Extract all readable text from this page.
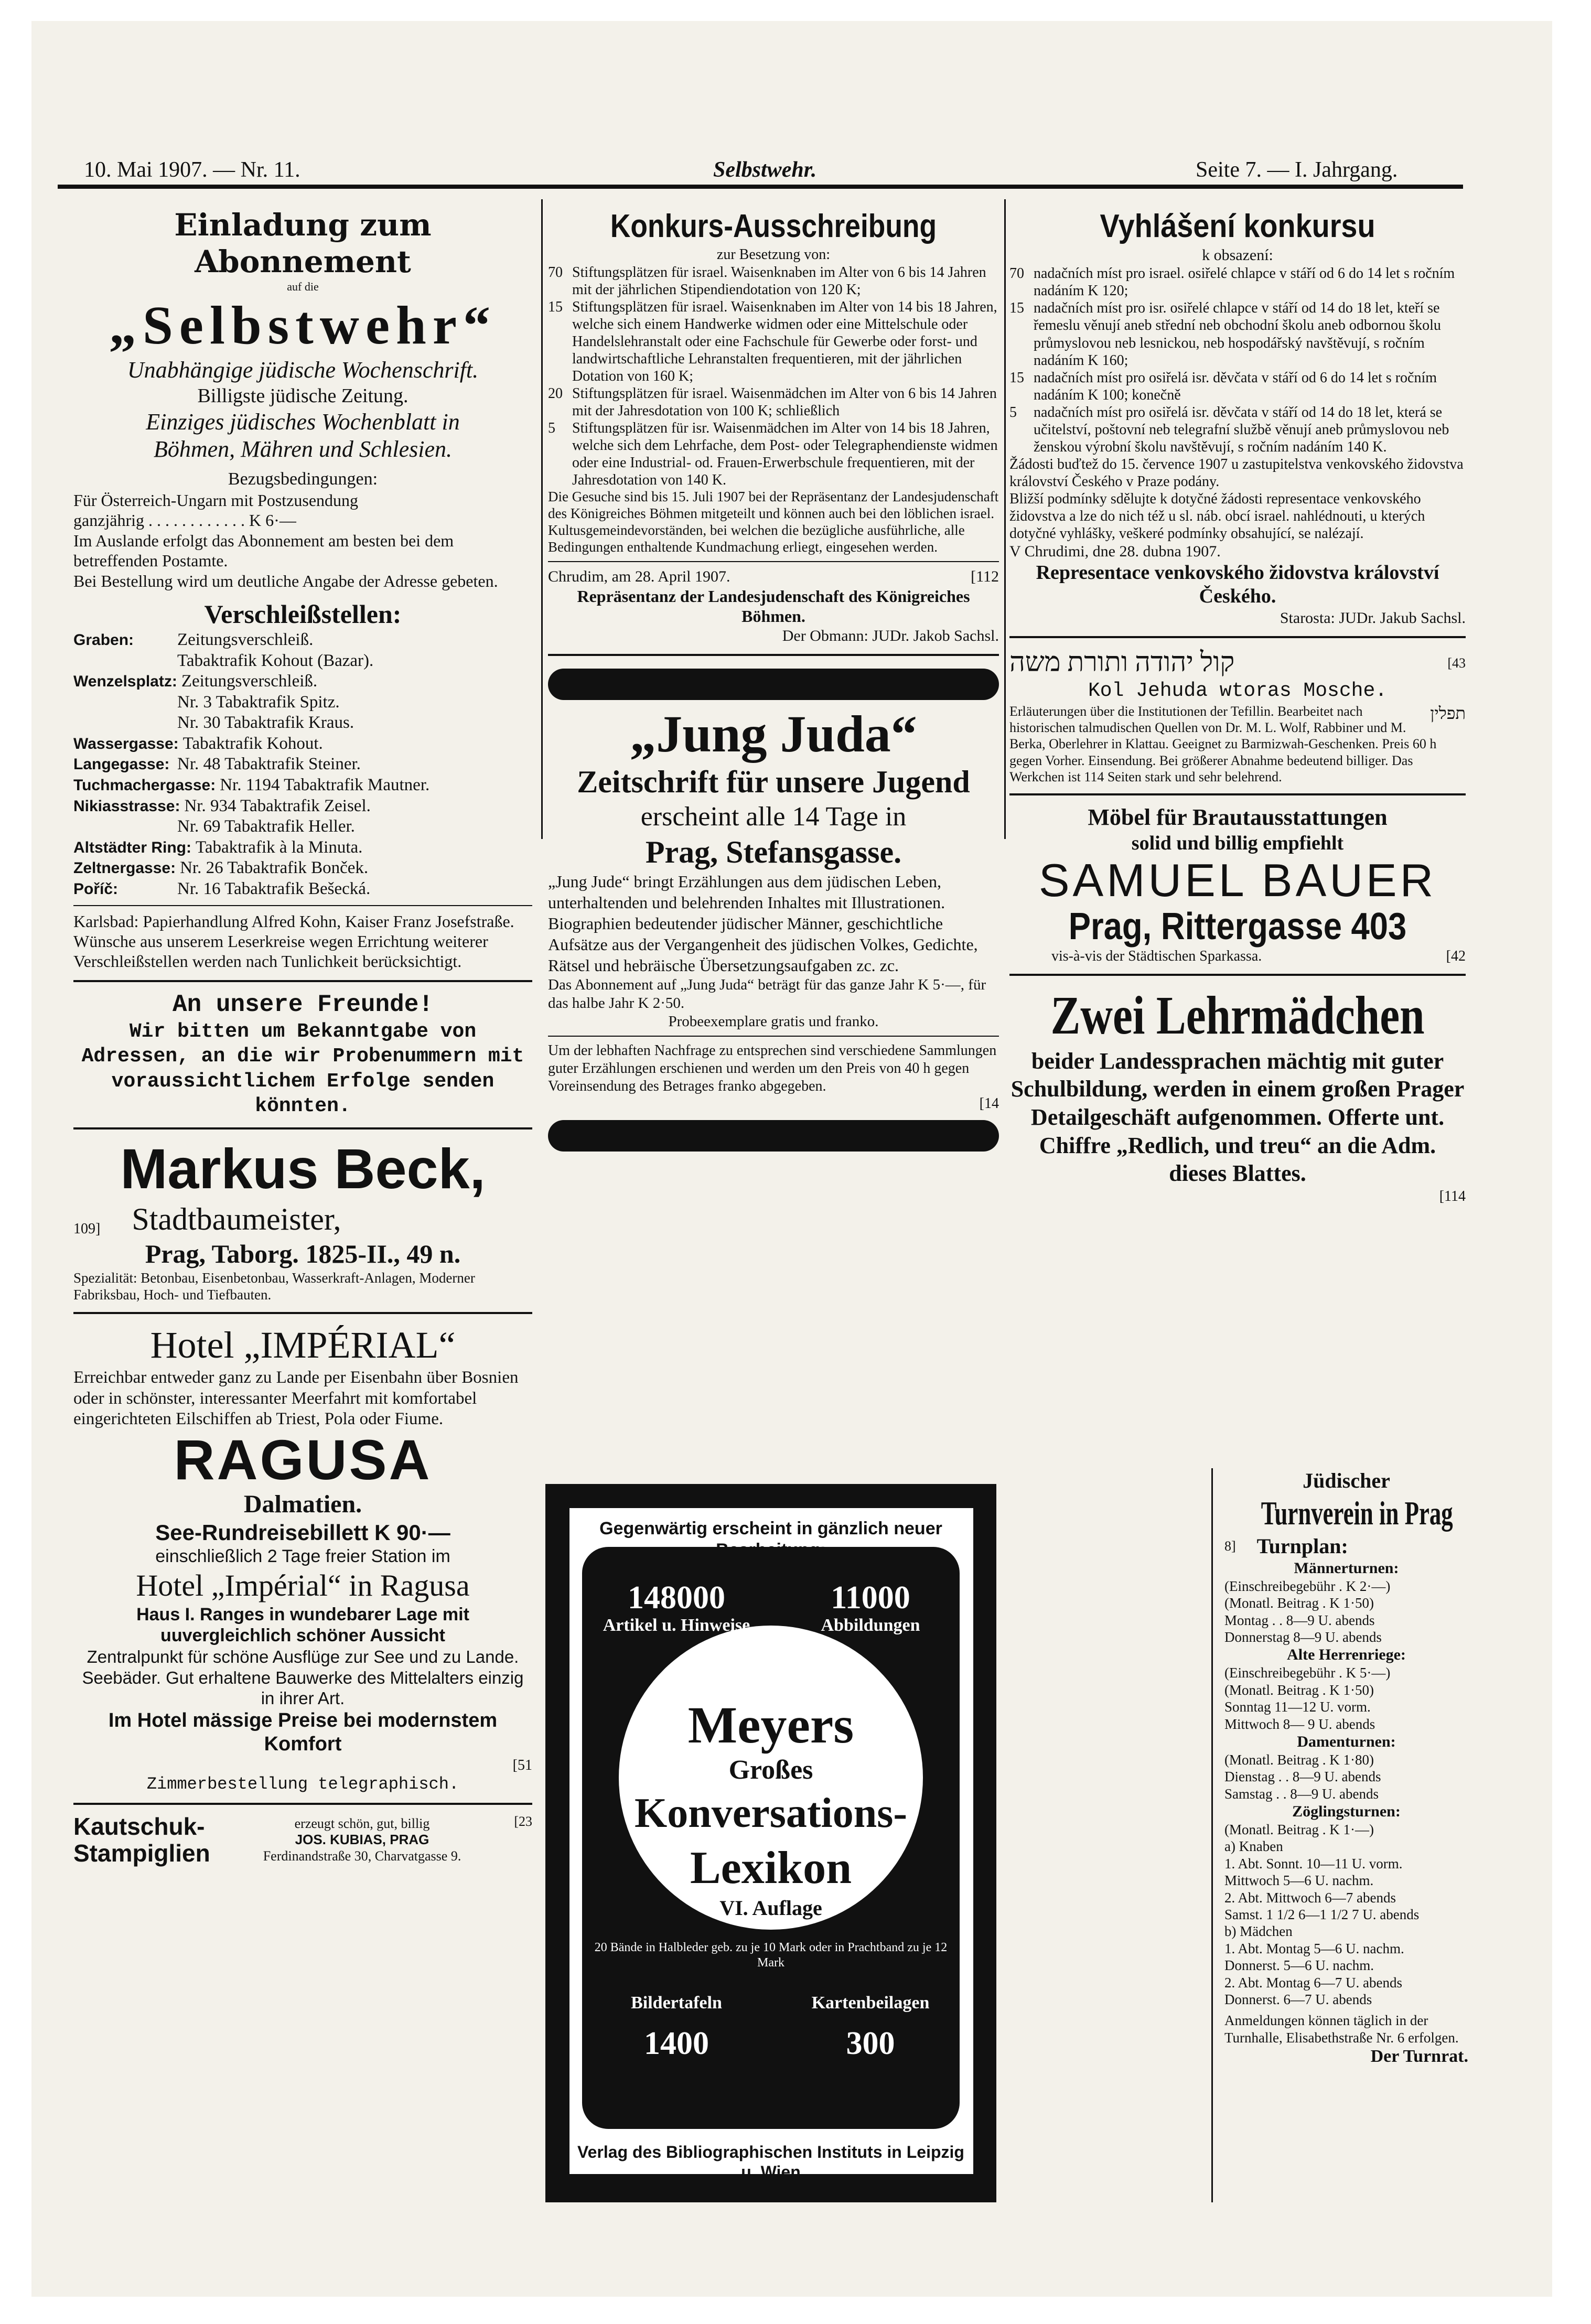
10. Mai 1907. — Nr. 11.	Selbstwehr.	Seite 7. — I. Jahrgang.
Einladung zum Abonnement
auf die
„Selbstwehr“
Unabhängige jüdische Wochenschrift.
Billigste jüdische Zeitung.
Einziges jüdisches Wochenblatt in
Böhmen, Mähren und Schlesien.
Bezugsbedingungen:
Für Österreich-Ungarn mit Postzusendung
ganzjährig . . . . . . . . . . . . K 6·—
Im Auslande erfolgt das Abonnement am besten bei dem betreffenden Postamte.
Bei Bestellung wird um deutliche Angabe der Adresse gebeten.
Verschleißstellen:
Graben:	Zeitungsverschleiß.
Tabaktrafik Kohout (Bazar).
Wenzelsplatz: Zeitungsverschleiß.
Nr. 3 Tabaktrafik Spitz.
Nr. 30 Tabaktrafik Kraus.
Wassergasse: Tabaktrafik Kohout.
Langegasse: Nr. 48 Tabaktrafik Steiner.
Tuchmachergasse: Nr. 1194 Tabaktrafik Mautner.
Nikiasstrasse: Nr. 934 Tabaktrafik Zeisel.
Nr. 69 Tabaktrafik Heller.
Altstädter Ring: Tabaktrafik à la Minuta.
Zeltnergasse: Nr. 26 Tabaktrafik Bonček.
Poříč:	Nr. 16 Tabaktrafik Bešecká.
Karlsbad: Papierhandlung Alfred Kohn, Kaiser Franz Josefstraße.
Wünsche aus unserem Leserkreise wegen Errichtung weiterer Verschleißstellen werden nach Tunlichkeit berücksichtigt.
An unsere Freunde!
Wir bitten um Bekanntgabe von Adressen, an die wir Probenummern mit voraussichtlichem Erfolge senden könnten.
Markus Beck,
109] Stadtbaumeister,
Prag, Taborg. 1825-II., 49 n.
Spezialität: Betonbau, Eisenbetonbau, Wasserkraft-Anlagen, Moderner Fabriksbau, Hoch- und Tiefbauten.
Hotel „IMPÉRIAL“
Erreichbar entweder ganz zu Lande per Eisenbahn über Bosnien oder in schönster, interessanter Meerfahrt mit komfortabel eingerichteten Eilschiffen ab Triest, Pola oder Fiume.
RAGUSA
Dalmatien.
See-Rundreisebillett K 90·—
einschließlich 2 Tage freier Station im
Hotel „Impérial“ in Ragusa
Haus I. Ranges in wundebarer Lage mit uuvergleichlich schöner Aussicht
Zentralpunkt für schöne Ausflüge zur See und zu Lande. Seebäder. Gut erhaltene Bauwerke des Mittelalters einzig in ihrer Art.
Im Hotel mässige Preise bei modernstem Komfort
[51
Zimmerbestellung telegraphisch.
Kautschuk-
Stampiglien
erzeugt schön, gut, billig
JOS. KUBIAS, PRAG
Ferdinandstraße 30, Charvatgasse 9.
[23
Konkurs-Ausschreibung
zur Besetzung von:
70 Stiftungsplätzen für israel. Waisenknaben im Alter von 6 bis 14 Jahren mit der jährlichen Stipendiendotation von 120 K;
15 Stiftungsplätzen für israel. Waisenknaben im Alter von 14 bis 18 Jahren, welche sich einem Handwerke widmen oder eine Mittelschule oder Handelslehranstalt oder eine Fachschule für Gewerbe oder forst- und landwirtschaftliche Lehranstalten frequentieren, mit der jährlichen Dotation von 160 K;
20 Stiftungsplätzen für israel. Waisenmädchen im Alter von 6 bis 14 Jahren mit der Jahresdotation von 100 K; schließlich
5	Stiftungsplätzen für isr. Waisenmädchen im Alter von 14 bis 18 Jahren, welche sich dem Lehrfache, dem Post- oder Telegraphendienste widmen oder eine Industrial- od. Frauen-Erwerbschule frequentieren, mit der Jahresdotation von 140 K.
Die Gesuche sind bis 15. Juli 1907 bei der Repräsentanz der Landesjudenschaft des Königreiches Böhmen mitgeteilt und können auch bei den löblichen israel. Kultusgemeindevorständen, bei welchen die bezügliche ausführliche, alle Bedingungen enthaltende Kundmachung erliegt, eingesehen werden.
Chrudim, am 28. April 1907.	[112
Repräsentanz der Landesjudenschaft des Königreiches Böhmen.
Der Obmann: JUDr. Jakob Sachsl.
„Jung Juda“
Zeitschrift für unsere Jugend
erscheint alle 14 Tage in
Prag, Stefansgasse.
„Jung Jude“ bringt Erzählungen aus dem jüdischen Leben, unterhaltenden und belehrenden Inhaltes mit Illustrationen. Biographien bedeutender jüdischer Männer, geschichtliche Aufsätze aus der Vergangenheit des jüdischen Volkes, Gedichte, Rätsel und hebräische Übersetzungsaufgaben zc. zc.
Das Abonnement auf „Jung Juda“ beträgt für das ganze Jahr K 5·—, für das halbe Jahr K 2·50.
Probeexemplare gratis und franko.
Um der lebhaften Nachfrage zu entsprechen sind verschiedene Sammlungen guter Erzählungen erschienen und werden um den Preis von 40 h gegen Voreinsendung des Betrages franko abgegeben.
[14
Gegenwärtig erscheint in gänzlich neuer
148000
Artikel u. Hinweise
11000
Abbildungen
Meyers
Großes
Konversations-
Lexikon
VI. Auflage
20 Bände in Halbleder geb. zu je 10 Mark oder in Prachtband zu je 12 Mark
Bildertafeln
1400
Kartenbeilagen
300
Verlag des Bibliographischen Instituts in Leipzig u. Wien
Vyhlášení konkursu
k obsazení:
70 nadačních míst pro israel. osiřelé chlapce v stáří od 6 do 14 let s ročním nadáním K 120;
15 nadačních míst pro isr. osiřelé chlapce v stáří od 14 do 18 let, kteří se řemeslu věnují aneb střední neb obchodní školu aneb odbornou školu průmyslovou neb lesnickou, neb hospodářský navštěvují, s ročním nadáním K 160;
15 nadačních míst pro osiřelá isr. děvčata v stáří od 6 do 14 let s ročním nadáním K 100; konečně
5	nadačních míst pro osiřelá isr. děvčata v stáří od 14 do 18 let, která se učitelství, poštovní neb telegrafní službě věnují aneb průmyslovou neb ženskou výrobní školu navštěvují, s ročním nadáním 140 K.
Žádosti buďtež do 15. července 1907 u zastupitelstva venkovského židovstva království Českého v Praze podány.
Bližší podmínky sdělujte k dotyčné žádosti representace venkovského židovstva a lze do nich též u sl. náb. obcí israel. nahlédnouti, u kterých dotyčné vyhlášky, veškeré podmínky obsahující, se nalézají.
V Chrudimi, dne 28. dubna 1907.
Representace venkovského židovstva království Českého.
Starosta: JUDr. Jakub Sachsl.
קול יהודה ותורת משה	[43
Kol Jehuda wtoras Mosche.
תפלין
Erläuterungen über die Institutionen der Tefillin. Bearbeitet nach historischen talmudischen Quellen von Dr. M. L. Wolf, Rabbiner und M. Berka, Oberlehrer in Klattau. Geeignet zu Barmizwah-Geschenken. Preis 60 h gegen Vorher. Einsendung. Bei größerer Abnahme bedeutend billiger. Das Werkchen ist 114 Seiten stark und sehr belehrend.
Möbel für Brautausstattungen
solid und billig empfiehlt
SAMUEL BAUER
Prag, Rittergasse 403
vis-à-vis der Städtischen Sparkassa.	[42
Zwei Lehrmädchen
beider Landessprachen mächtig mit guter Schulbildung, werden in einem großen Prager Detailgeschäft aufgenommen. Offerte unt. Chiffre „Redlich, und treu“ an die Adm. dieses Blattes.
[114
Jüdischer
Turnverein in Prag
8] Turnplan:
Männerturnen:
(Einschreibegebühr . K 2·—)
(Monatl. Beitrag . K 1·50)
Montag . . 8—9 U. abends
Donnerstag 8—9 U. abends
Alte Herrenriege:
(Einschreibegebühr . K 5·—)
(Monatl. Beitrag . K 1·50)
Sonntag 11—12 U. vorm.
Mittwoch 8— 9 U. abends
Damenturnen:
(Monatl. Beitrag . K 1·80)
Dienstag . . 8—9 U. abends
Samstag . . 8—9 U. abends
Zöglingsturnen:
(Monatl. Beitrag . K 1·—)
a) Knaben
1. Abt. Sonnt. 10—11 U. vorm.
Mittwoch 5—6 U. nachm.
2. Abt. Mittwoch 6—7 abends
Samst. 1 1/2 6—1 1/2 7 U. abends
b) Mädchen
1. Abt. Montag 5—6 U. nachm.
Donnerst. 5—6 U. nachm.
2. Abt. Montag 6—7 U. abends
Donnerst. 6—7 U. abends
Anmeldungen können täglich in der Turnhalle, Elisabethstraße Nr. 6 erfolgen.
Der Turnrat.
